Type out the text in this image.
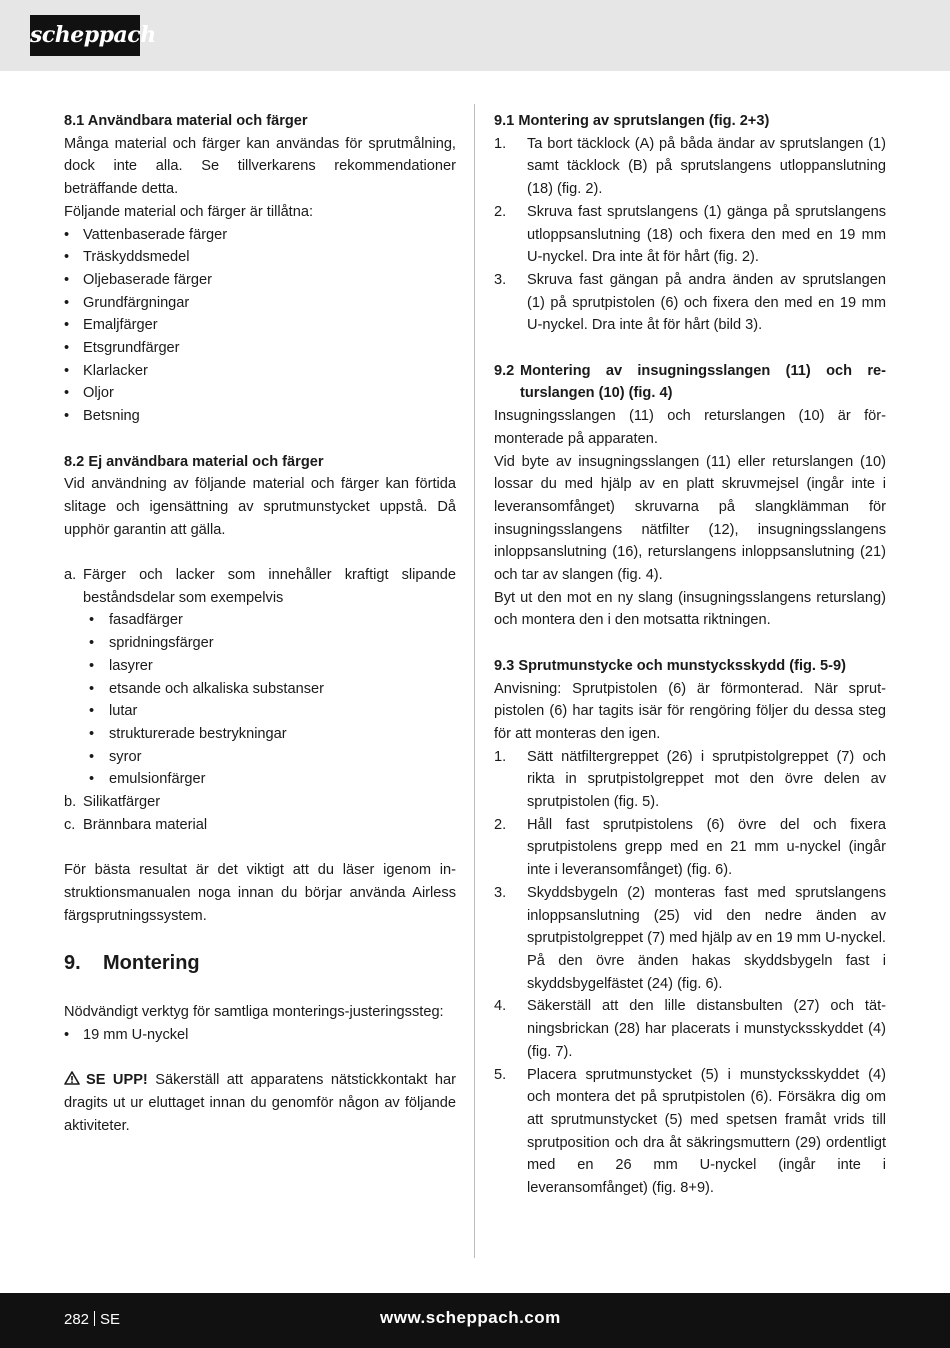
scheppach

8.1 Användbara material och färger

Många material och färger kan användas för sprutmålning, dock inte alla. Se tillverkarens rekommendationer beträffande detta.

Följande material och färger är tillåtna:

• Vattenbaserade färger
• Träskyddsmedel
• Oljebaserade färger
• Grundfärgningar
• Emaljfärger
• Etsgrundfärger
• Klarlacker
• Oljor
• Betsning

8.2 Ej användbara material och färger

Vid användning av följande material och färger kan förtida slitage och igensättning av sprutmunstycket uppstå. Då upphör garantin att gälla.

a. Färger och lacker som innehåller kraftigt slipande beståndsdelar som exempelvis
• fasadfärger
• spridningsfärger
• lasyrer
• etsande och alkaliska substanser
• lutar
• strukturerade bestrykningar
• syror
• emulsionfärger
b. Silikatfärger
c. Brännbara material

För bästa resultat är det viktigt att du läser igenom instruktionsmanualen noga innan du börjar använda Airless färgsprutningssystem.

9. Montering

Nödvändigt verktyg för samtliga monterings-justeringssteg:

• 19 mm U-nyckel

SE UPP! Säkerställ att apparatens nätstickkontakt har dragits ut ur eluttaget innan du genomför någon av följande aktiviteter.

9.1 Montering av sprutslangen (fig. 2+3)

1. Ta bort täcklock (A) på båda ändar av sprutslangen (1) samt täcklock (B) på sprutslangens utloppanslutning (18) (fig. 2).
2. Skruva fast sprutslangens (1) gänga på sprutslangens utloppsanslutning (18) och fixera den med en 19 mm U-nyckel. Dra inte åt för hårt (fig. 2).
3. Skruva fast gängan på andra änden av sprutslangen (1) på sprutpistolen (6) och fixera den med en 19 mm U-nyckel. Dra inte åt för hårt (bild 3).

9.2 Montering av insugningsslangen (11) och returslangen (10) (fig. 4)

Insugningsslangen (11) och returslangen (10) är förmonterade på apparaten.

Vid byte av insugningsslangen (11) eller returslangen (10) lossar du med hjälp av en platt skruvmejsel (ingår inte i leveransomfånget) skruvarna på slangklämman för insugningsslangens nätfilter (12), insugningsslangens inloppsanslutning (16), returslangens inloppsanslutning (21) och tar av slangen (fig. 4).

Byt ut den mot en ny slang (insugningsslangens returslang) och montera den i den motsatta riktningen.

9.3 Sprutmunstycke och munstycksskydd (fig. 5-9)

Anvisning: Sprutpistolen (6) är förmonterad. När sprutpistolen (6) har tagits isär för rengöring följer du dessa steg för att monteras den igen.

1. Sätt nätfiltergreppet (26) i sprutpistolgreppet (7) och rikta in sprutpistolgreppet mot den övre delen av sprutpistolen (fig. 5).
2. Håll fast sprutpistolens (6) övre del och fixera sprutpistolens grepp med en 21 mm u-nyckel (ingår inte i leveransomfånget) (fig. 6).
3. Skyddsbygeln (2) monteras fast med sprutslangens inloppsanslutning (25) vid den nedre änden av sprutpistolgreppet (7) med hjälp av en 19 mm U-nyckel. På den övre änden hakas skyddsbygeln fast i skyddsbygelfästet (24) (fig. 6).
4. Säkerställ att den lille distansbulten (27) och tätningsbrickan (28) har placerats i munstycksskyddet (4) (fig. 7).
5. Placera sprutmunstycket (5) i munstycksskyddet (4) och montera det på sprutpistolen (6). Försäkra dig om att sprutmunstycket (5) med spetsen framåt vrids till sprutposition och dra åt säkringsmuttern (29) ordentligt med en 26 mm U-nyckel (ingår inte i leveransomfånget) (fig. 8+9).
282 SE	www.scheppach.com
